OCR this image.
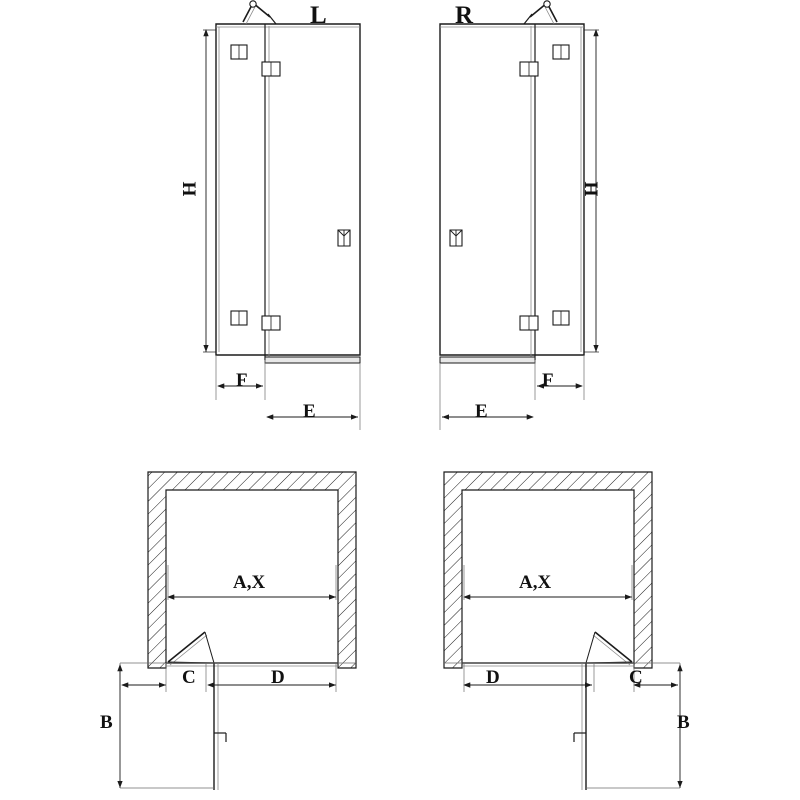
L	R
H
F
E
H
E
F
A,X
C	D
B
A,X
D	C
B
